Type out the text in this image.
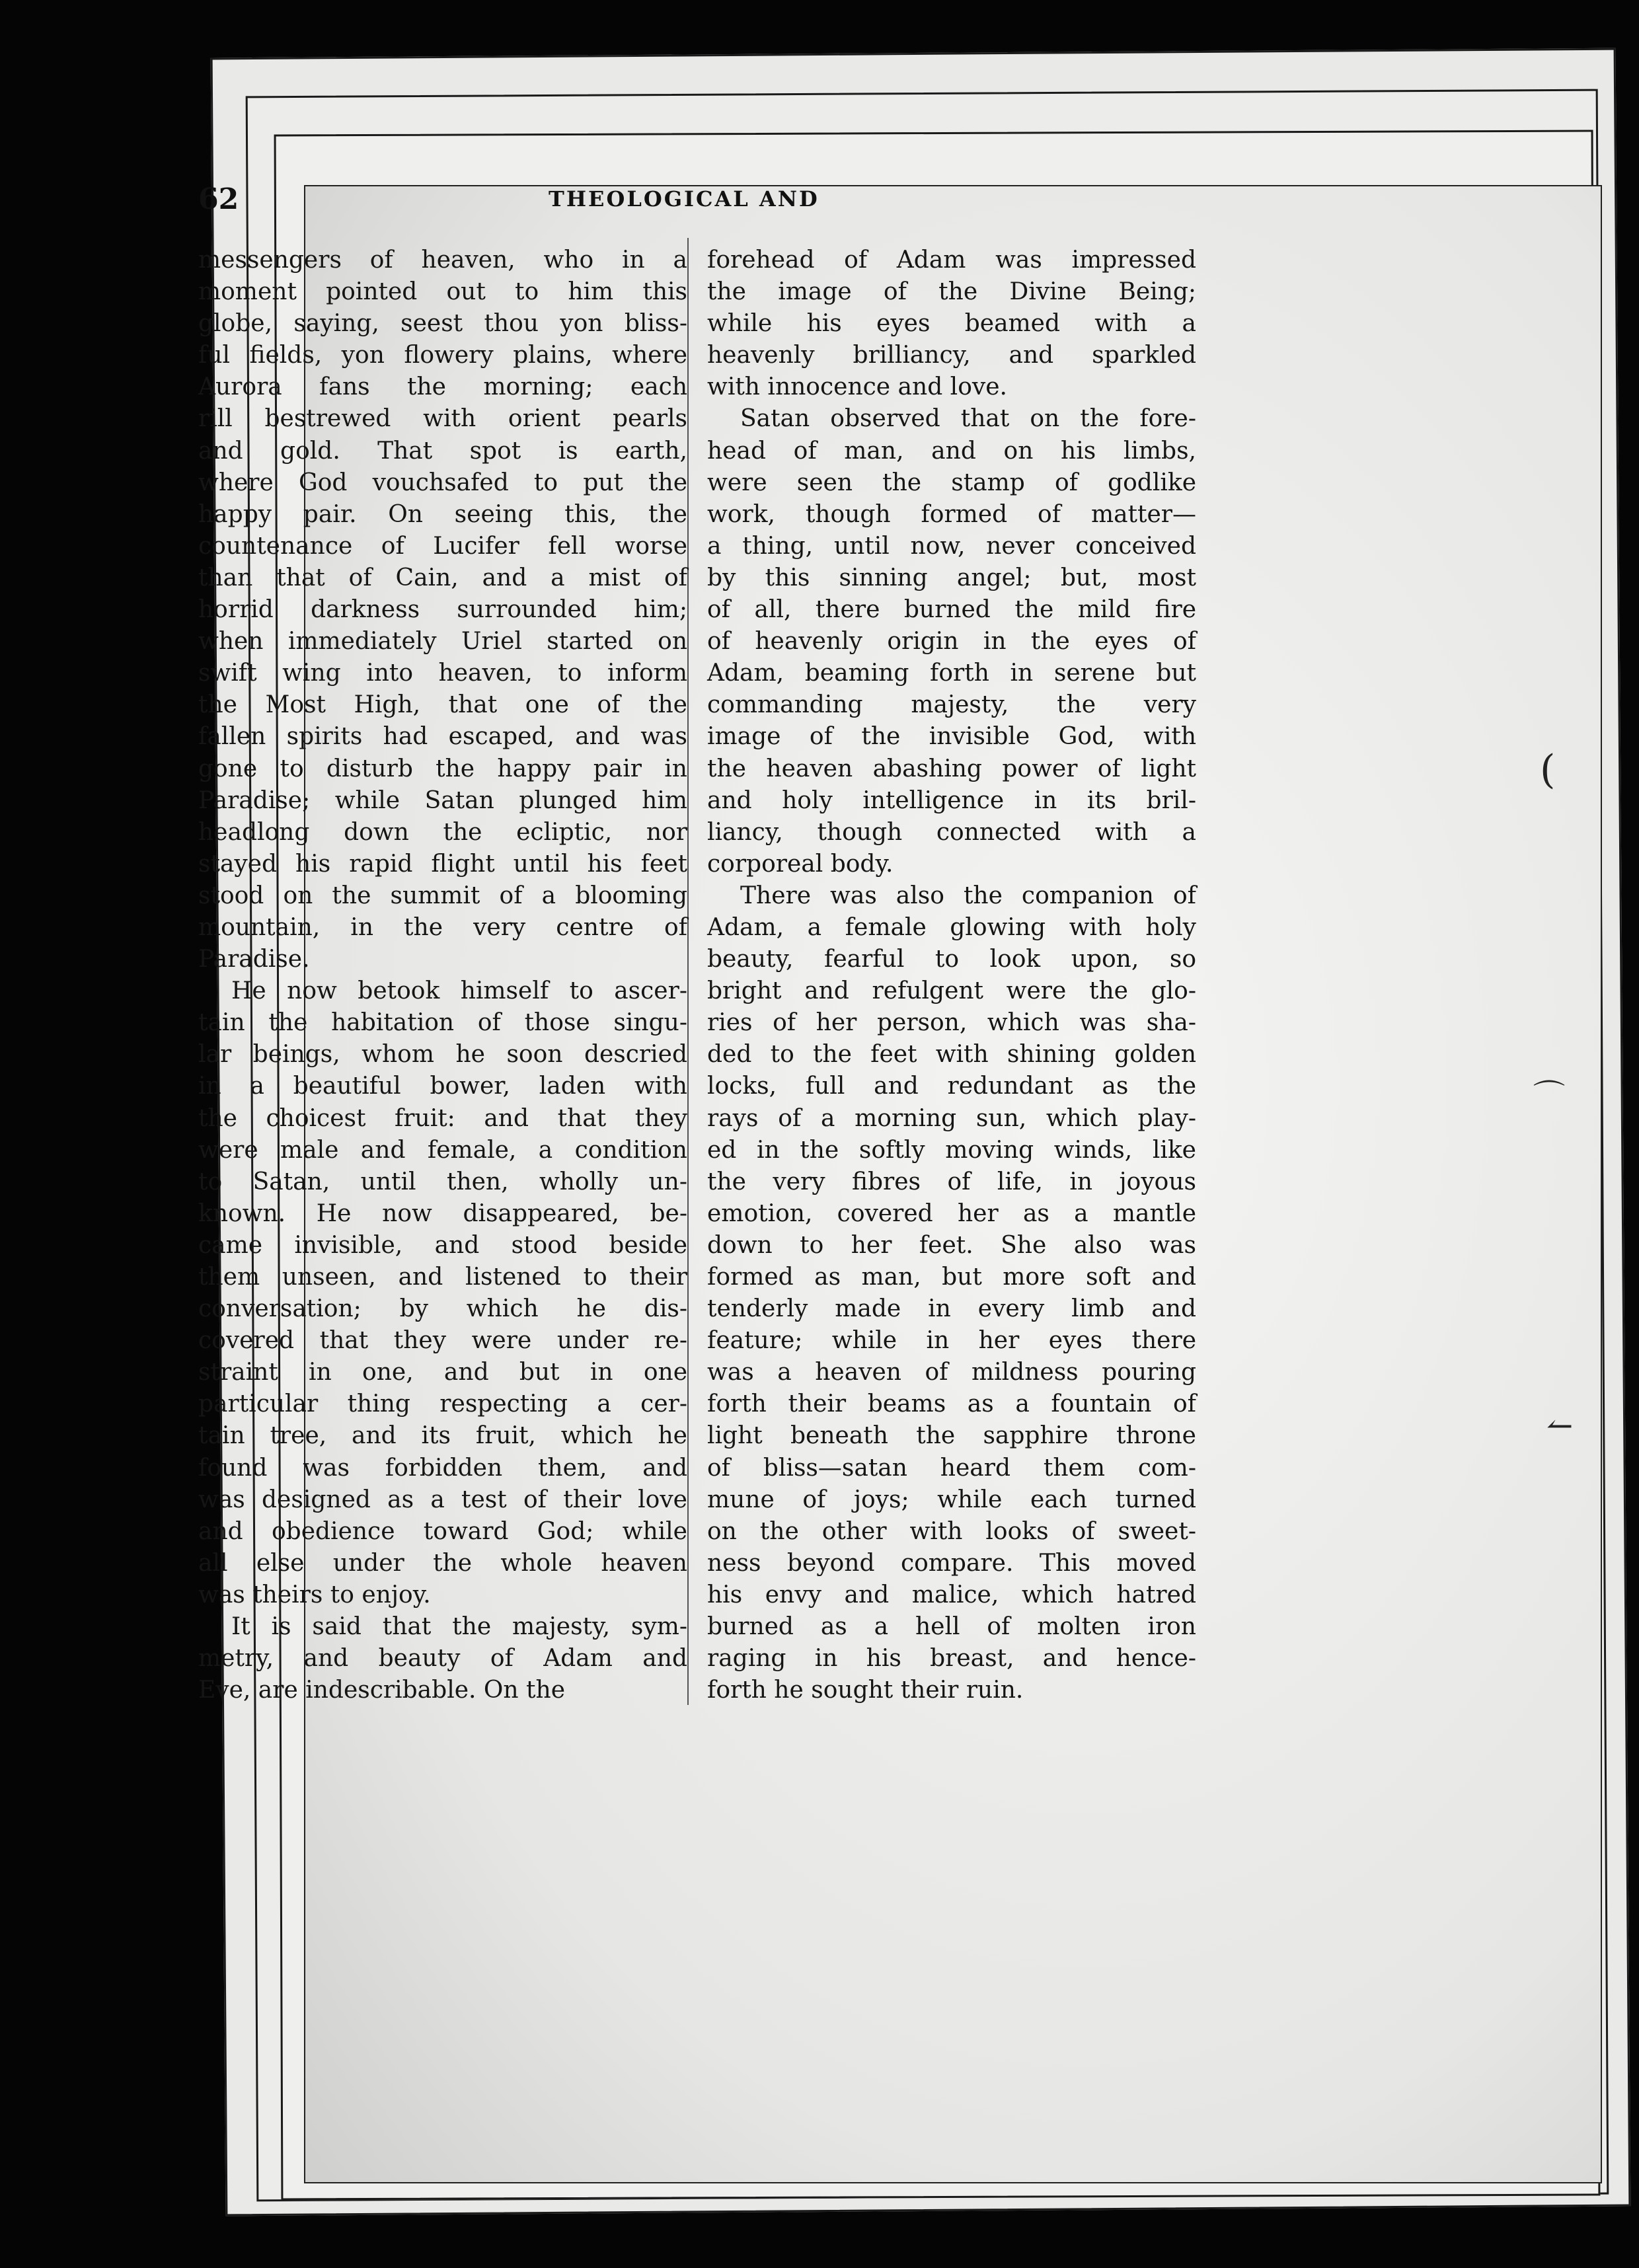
62	THEOLOGICAL AND
messengers of heaven, who in a
moment pointed out to him this
globe, saying, seest thou yon bliss-
ful fields, yon flowery plains, where
Aurora fans the morning; each
rill bestrewed with orient pearls
and gold. That spot is earth,
where God vouchsafed to put the
happy pair. On seeing this, the
countenance of Lucifer fell worse
than that of Cain, and a mist of
horrid darkness surrounded him;
when immediately Uriel started on
swift wing into heaven, to inform
the Most High, that one of the
fallen spirits had escaped, and was
gone to disturb the happy pair in
Paradise; while Satan plunged him
headlong down the ecliptic, nor
stayed his rapid flight until his feet
stood on the summit of a blooming
mountain, in the very centre of
Paradise.
He now betook himself to ascer-
tain the habitation of those singu-
lar beings, whom he soon descried
in a beautiful bower, laden with
the choicest fruit: and that they
were male and female, a condition
to Satan, until then, wholly un-
known. He now disappeared, be-
came invisible, and stood beside
them unseen, and listened to their
conversation; by which he dis-
covered that they were under re-
straint in one, and but in one
particular thing respecting a cer-
tain tree, and its fruit, which he
found was forbidden them, and
was designed as a test of their love
and obedience toward God; while
all else under the whole heaven
was theirs to enjoy.
It is said that the majesty, sym-
metry, and beauty of Adam and
Eve, are indescribable. On the
forehead of Adam was impressed
the image of the Divine Being;
while his eyes beamed with a
heavenly brilliancy, and sparkled
with innocence and love.
Satan observed that on the fore-
head of man, and on his limbs,
were seen the stamp of godlike
work, though formed of matter—
a thing, until now, never conceived
by this sinning angel; but, most
of all, there burned the mild fire
of heavenly origin in the eyes of
Adam, beaming forth in serene but
commanding majesty, the very
image of the invisible God, with
the heaven abashing power of light
and holy intelligence in its bril-
liancy, though connected with a
corporeal body.
There was also the companion of
Adam, a female glowing with holy
beauty, fearful to look upon, so
bright and refulgent were the glo-
ries of her person, which was sha-
ded to the feet with shining golden
locks, full and redundant as the
rays of a morning sun, which play-
ed in the softly moving winds, like
the very fibres of life, in joyous
emotion, covered her as a mantle
down to her feet. She also was
formed as man, but more soft and
tenderly made in every limb and
feature; while in her eyes there
was a heaven of mildness pouring
forth their beams as a fountain of
light beneath the sapphire throne
of bliss—satan heard them com-
mune of joys; while each turned
on the other with looks of sweet-
ness beyond compare. This moved
his envy and malice, which hatred
burned as a hell of molten iron
raging in his breast, and hence-
forth he sought their ruin.
(
⌒
↼
